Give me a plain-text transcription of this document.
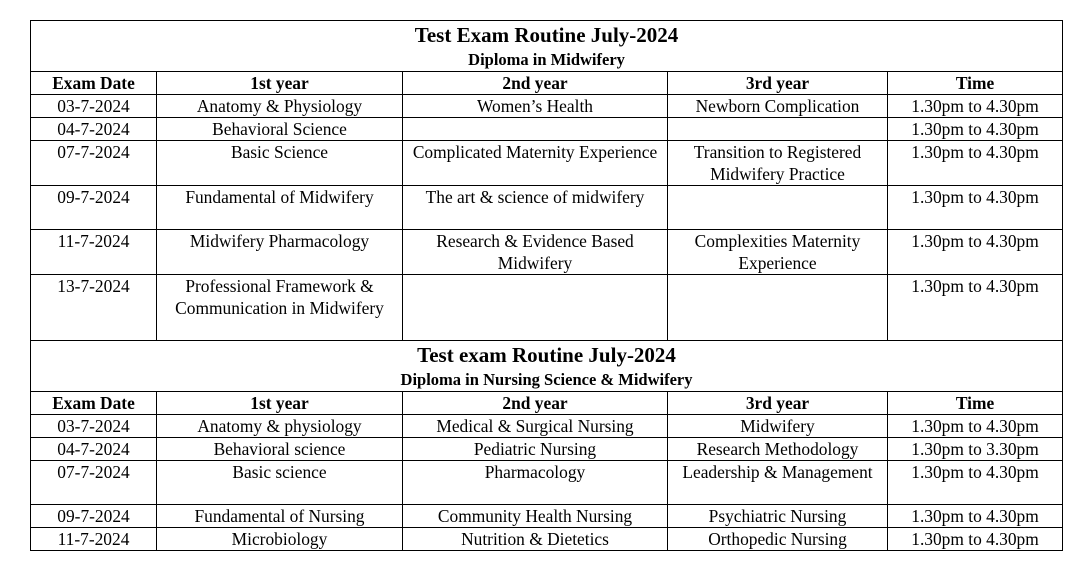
Test Exam Routine July-2024
Diploma in Midwifery				

Exam Date	1st year	2nd year	3rd year	Time
03-7-2024	Anatomy & Physiology	Women’s Health	Newborn Complication	1.30pm to 4.30pm
04-7-2024	Behavioral Science			1.30pm to 4.30pm
07-7-2024	Basic Science	Complicated Maternity Experience	Transition to Registered Midwifery Practice	1.30pm to 4.30pm
09-7-2024	Fundamental of Midwifery	The art & science of midwifery		1.30pm to 4.30pm
11-7-2024	Midwifery Pharmacology	Research & Evidence Based Midwifery	Complexities Maternity Experience	1.30pm to 4.30pm
13-7-2024	Professional Framework & Communication in Midwifery			1.30pm to 4.30pm

Test exam Routine July-2024
Diploma in Nursing Science & Midwifery				

Exam Date	1st year	2nd year	3rd year	Time
03-7-2024	Anatomy & physiology	Medical & Surgical Nursing	Midwifery	1.30pm to 4.30pm
04-7-2024	Behavioral science	Pediatric Nursing	Research Methodology	1.30pm to 3.30pm
07-7-2024	Basic science	Pharmacology	Leadership & Management	1.30pm to 4.30pm
09-7-2024	Fundamental of Nursing	Community Health Nursing	Psychiatric Nursing	1.30pm to 4.30pm
11-7-2024	Microbiology	Nutrition & Dietetics	Orthopedic Nursing	1.30pm to 4.30pm
